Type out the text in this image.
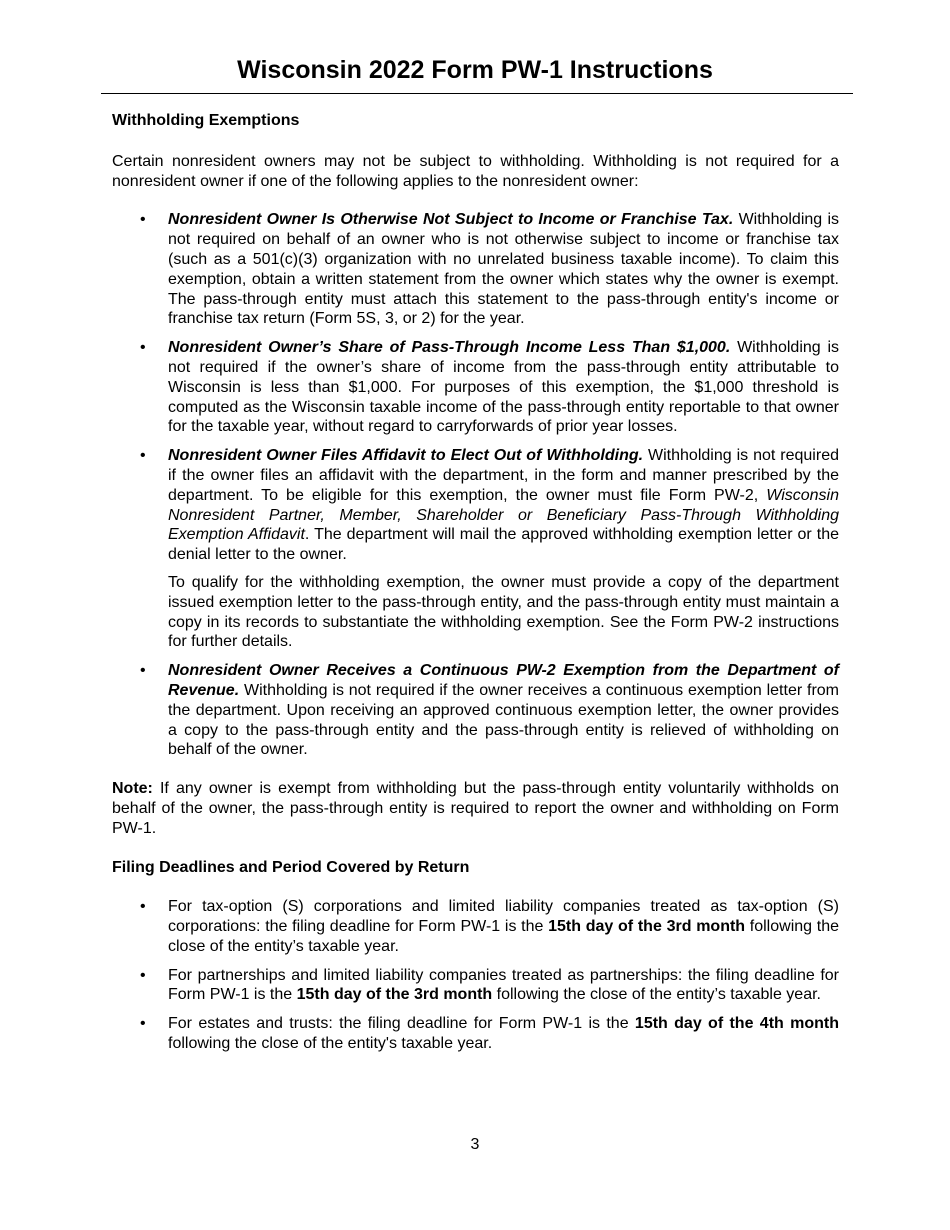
Wisconsin 2022 Form PW-1 Instructions

Withholding Exemptions

Certain nonresident owners may not be subject to withholding. Withholding is not required for a nonresident owner if one of the following applies to the nonresident owner:

• Nonresident Owner Is Otherwise Not Subject to Income or Franchise Tax. Withholding is not required on behalf of an owner who is not otherwise subject to income or franchise tax (such as a 501(c)(3) organization with no unrelated business taxable income). To claim this exemption, obtain a written statement from the owner which states why the owner is exempt. The pass-through entity must attach this statement to the pass-through entity's income or franchise tax return (Form 5S, 3, or 2) for the year.
• Nonresident Owner’s Share of Pass-Through Income Less Than $1,000. Withholding is not required if the owner’s share of income from the pass-through entity attributable to Wisconsin is less than $1,000. For purposes of this exemption, the $1,000 threshold is computed as the Wisconsin taxable income of the pass-through entity reportable to that owner for the taxable year, without regard to carryforwards of prior year losses.
• Nonresident Owner Files Affidavit to Elect Out of Withholding. Withholding is not required if the owner files an affidavit with the department, in the form and manner prescribed by the department. To be eligible for this exemption, the owner must file Form PW-2, Wisconsin Nonresident Partner, Member, Shareholder or Beneficiary Pass-Through Withholding Exemption Affidavit. The department will mail the approved withholding exemption letter or the denial letter to the owner.

To qualify for the withholding exemption, the owner must provide a copy of the department issued exemption letter to the pass-through entity, and the pass-through entity must maintain a copy in its records to substantiate the withholding exemption. See the Form PW-2 instructions for further details.

• Nonresident Owner Receives a Continuous PW-2 Exemption from the Department of Revenue. Withholding is not required if the owner receives a continuous exemption letter from the department. Upon receiving an approved continuous exemption letter, the owner provides a copy to the pass-through entity and the pass-through entity is relieved of withholding on behalf of the owner.

Note: If any owner is exempt from withholding but the pass-through entity voluntarily withholds on behalf of the owner, the pass-through entity is required to report the owner and withholding on Form PW-1.

Filing Deadlines and Period Covered by Return

• For tax-option (S) corporations and limited liability companies treated as tax-option (S) corporations: the filing deadline for Form PW-1 is the 15th day of the 3rd month following the close of the entity’s taxable year.
• For partnerships and limited liability companies treated as partnerships: the filing deadline for Form PW-1 is the 15th day of the 3rd month following the close of the entity’s taxable year.
• For estates and trusts: the filing deadline for Form PW-1 is the 15th day of the 4th month following the close of the entity's taxable year.
3
